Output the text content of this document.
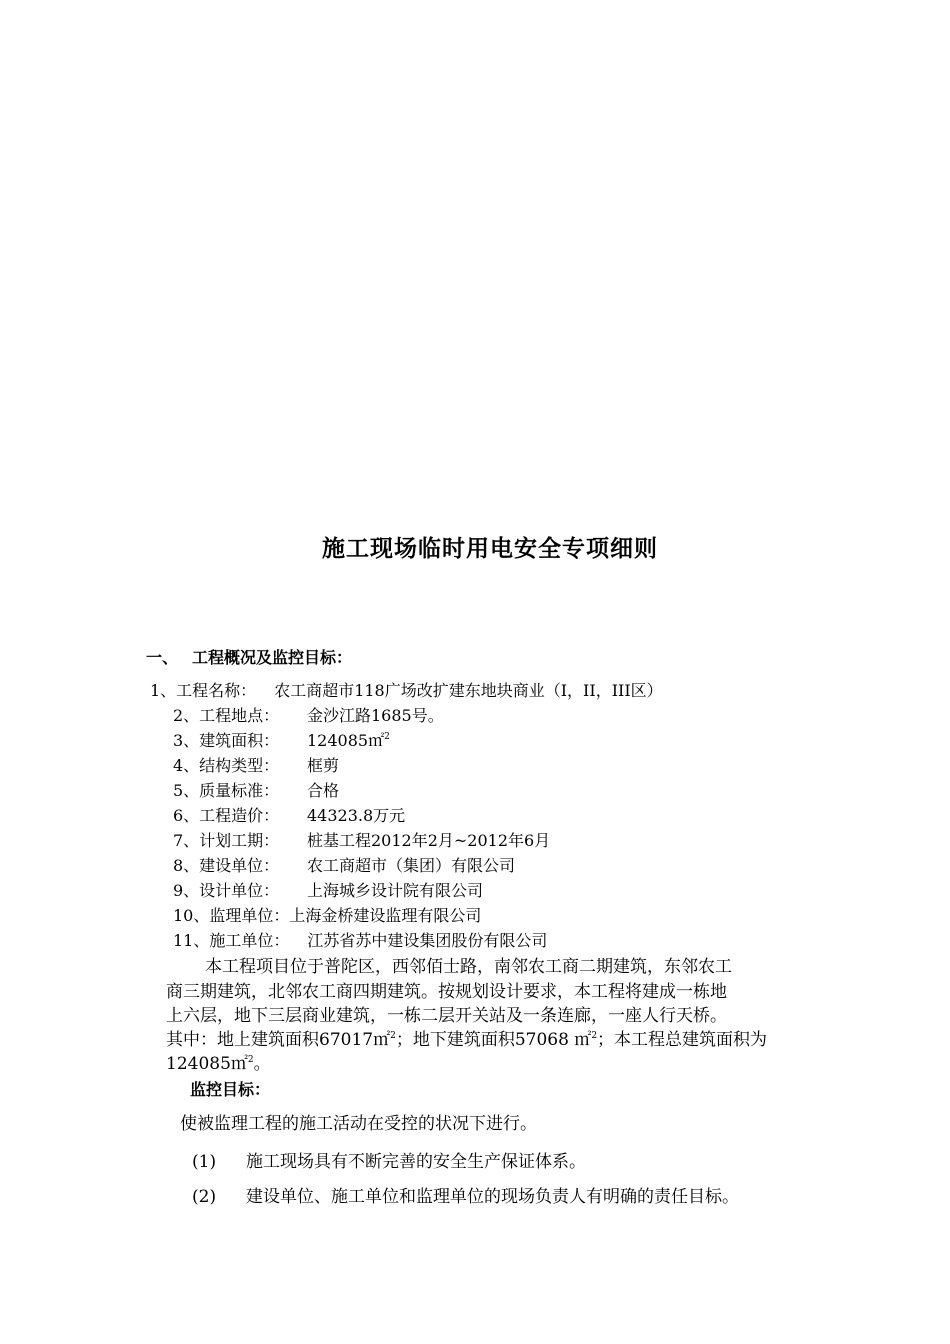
施工现场临时用电安全专项细则
一、 工程概况及监控目标：
1、工程名称： 农工商超市118广场改扩建东地块商业（I，II，III区）
2、工程地点： 金沙江路1685号。
3、建筑面积： 124085㎡$^2$
4、结构类型： 框剪
5、质量标准： 合格
6、工程造价： 44323.8万元
7、计划工期： 桩基工程2012年2月~2012年6月
8、建设单位： 农工商超市（集团）有限公司
9、设计单位： 上海城乡设计院有限公司
10、监理单位：上海金桥建设监理有限公司
11、施工单位： 江苏省苏中建设集团股份有限公司
本工程项目位于普陀区，西邻佰士路，南邻农工商二期建筑，东邻农工
商三期建筑，北邻农工商四期建筑。按规划设计要求，本工程将建成一栋地
上六层，地下三层商业建筑，一栋二层开关站及一条连廊，一座人行天桥。
其中：地上建筑面积67017㎡$^2$；地下建筑面积57068 ㎡$^2$；本工程总建筑面积为
124085㎡$^2$。
监控目标：
使被监理工程的施工活动在受控的状况下进行。
(1) 施工现场具有不断完善的安全生产保证体系。
(2) 建设单位、施工单位和监理单位的现场负责人有明确的责任目标。
